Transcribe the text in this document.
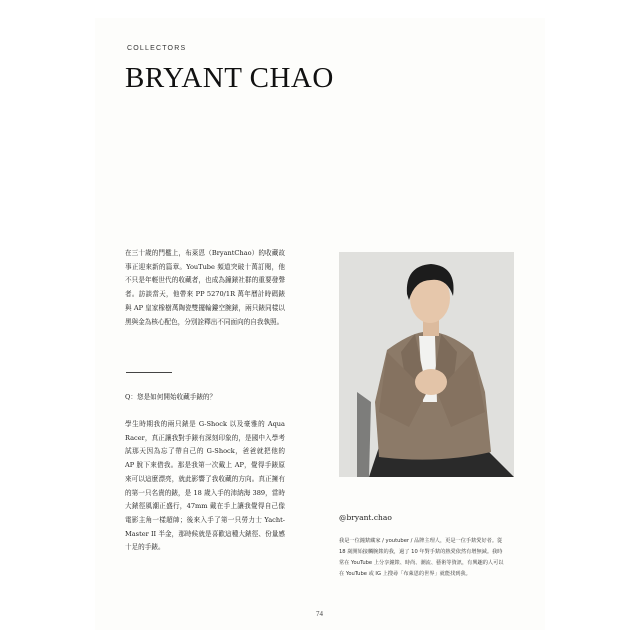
COLLECTORS
BRYANT CHAO
在三十歲的門檻上，布萊恩（BryantChao）的收藏故事正迎來新的篇章。YouTube 頻道突破十萬訂閱，他不只是年輕世代的收藏者，也成為鐘錶社群的重要發聲者。訪談當天，他帶來 PP 5270/1R 萬年曆計時碼錶與 AP 皇家橡樹萬陶瓷雙擺輪鏤空腕錶，兩只錶同樣以黑與金為核心配色，分別詮釋出不同面向的自我執照。
Q：您是如何開始收藏手錶的？
學生時期我的兩只錶是 G-Shock 以及豪雅的 Aqua Racer，真正讓我對手錶有深刻印象的，是國中入學考試那天因為忘了帶自己的 G-Shock，爸爸就把他的 AP 脫下來借我。那是我第一次戴上 AP，覺得手錶原來可以這麼漂亮，就此影響了我收藏的方向。真正擁有的第一只名貴的錶，是 18 歲入手的沛納海 389，當時大錶徑風潮正盛行，47mm 戴在手上讓我覺得自己像電影主角一樣超帥；後來入手了第一只勞力士 Yacht-Master II 半金，那時候就是喜歡這種大錶徑、份量感十足的手錶。
@bryant.chao
我是一位鐘錶藏家 / youtuber / 品牌主理人，更是一位手錶愛好者。從 18 歲開始接觸腕錶的我，過了 10 年對手錶的熱愛依然有增無減。我時常在 YouTube 上分享鐘錶、時尚、潮流、藝術等資訊，有興趣的人可以在 YouTube 或 IG 上搜尋「布萊恩的世界」就能找到我。
74
